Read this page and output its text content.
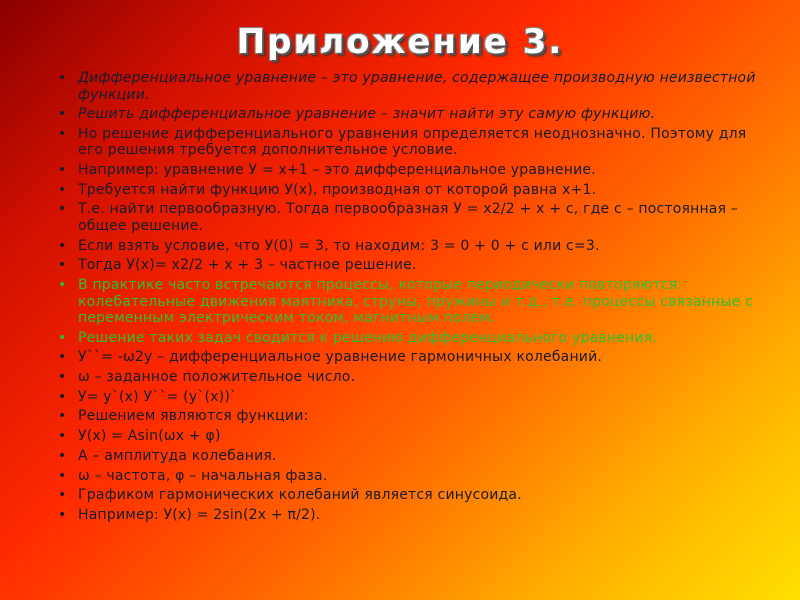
Приложение 3.
• Дифференциальное уравнение – это уравнение, содержащее производную неизвестной функции.
• Решить дифференциальное уравнение – значит найти эту самую функцию.
• Но решение дифференциального уравнения определяется неоднозначно. Поэтому для его решения требуется дополнительное условие.
• Например: уравнение У = х+1 – это дифференциальное уравнение.
• Требуется найти функцию У(х), производная от которой равна х+1.
• Т.е. найти первообразную. Тогда первообразная У = х2/2 + х + с, где с – постоянная – общее решение.
• Если взять условие, что У(0) = 3, то находим: 3 = 0 + 0 + с или с=3.
• Тогда У(х)= х2/2 + х + 3 – частное решение.
• В практике часто встречаются процессы, которые периодически повторяются: колебательные движения маятника, струны, пружины и т.д., т.е. процессы связанные с переменным электрическим током, магнитным полем.
• Решение таких задач сводится к решению дифференциального уравнения.
• У``= -ω2у – дифференциальное уравнение гармоничных колебаний.
• ω – заданное положительное число.
• У= у`(х) У``= (у`(х))`
• Решением являются функции:
• У(х) = Asin(ωх + φ)
• А – амплитуда колебания.
• ω – частота, φ – начальная фаза.
• Графиком гармонических колебаний является синусоида.
• Например: У(х) = 2sin(2х + π/2).
